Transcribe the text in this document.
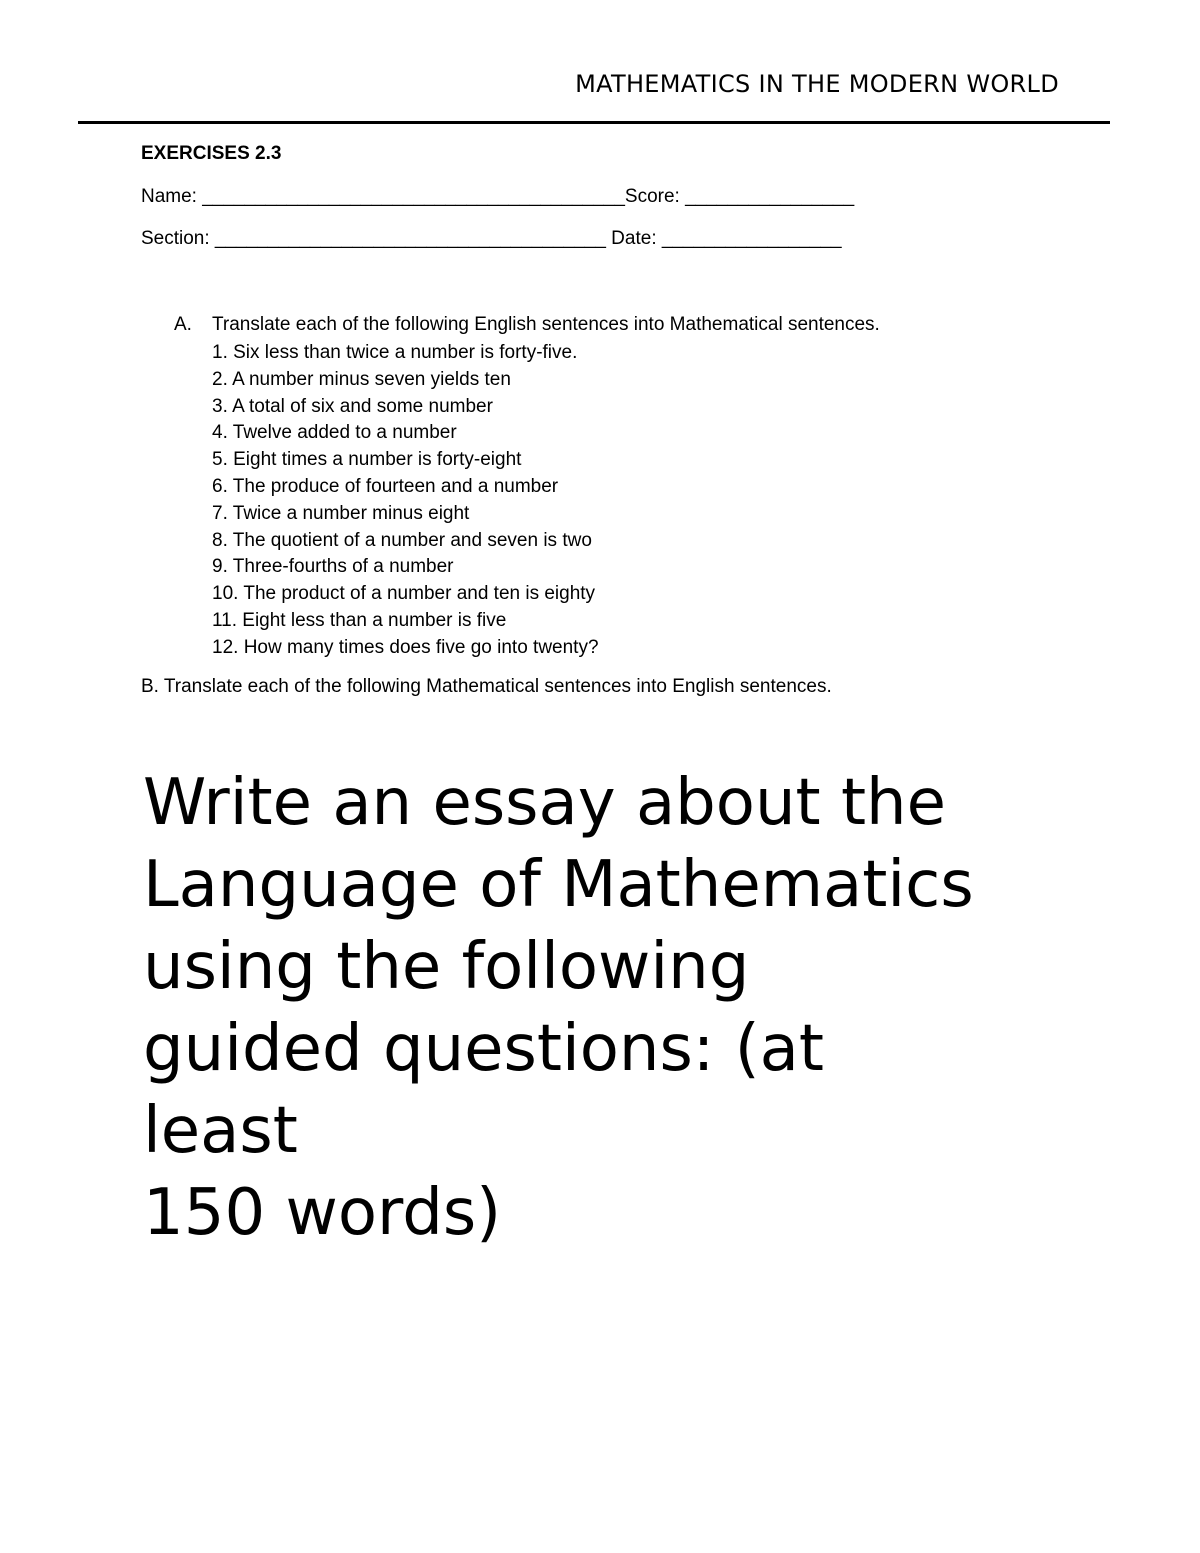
MATHEMATICS IN THE MODERN WORLD
EXERCISES 2.3
Name: ________________________________________Score: ________________
Section: _____________________________________ Date: _________________
A. Translate each of the following English sentences into Mathematical sentences.
1. Six less than twice a number is forty-five.
2. A number minus seven yields ten
3. A total of six and some number
4. Twelve added to a number
5. Eight times a number is forty-eight
6. The produce of fourteen and a number
7. Twice a number minus eight
8. The quotient of a number and seven is two
9. Three-fourths of a number
10. The product of a number and ten is eighty
11. Eight less than a number is five
12. How many times does five go into twenty?
B. Translate each of the following Mathematical sentences into English sentences.
Write an essay about the
Language of Mathematics
using the following
guided questions: (at
least
150 words)
